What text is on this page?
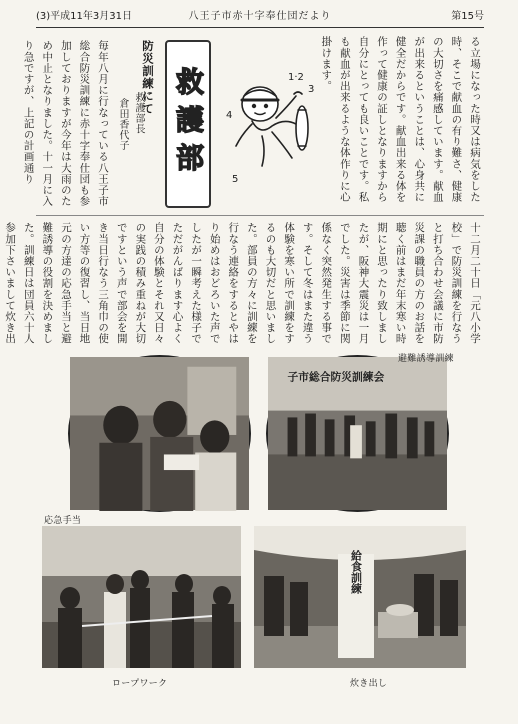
(3)平成11年3月31日	八王子市赤十字奉仕団だより	第15号
る立場になった時又は病気をした時、そこで献血の有り難さ、健康の大切さを痛感しています。献血が出来るということは、心身共に健全だからです。献血出来る体を作って健康の証しとなりますから自分にとっても良いことです。私も献血が出来るような体作りに心掛けます。
1·2
3
4
5
救護部
防災訓練にて

救護部長
倉田香代子

毎年八月に行なっている八王子市総合防災訓練に赤十字奉仕団も参加しておりますが今年は大雨のため中止となりました。十一月に入り急ですが、上記の計画通り
十二月二十日「元八小学校」で防災訓練を行なうと打ち合わせ会議に市防災課の職員の方のお話を聴く前はまだ年末寒い時期にと思ったり致しましたが、阪神大震災は一月でした。災害は季節に関係なく突然発生する事です。そして冬はまた違う体験を寒い所で訓練をするのも大切だと思いました。部員の方々に訓練を行なう連絡をするとやはり始めはおどろいた声でしたが一瞬考えた様子でただがんばります心よく自分の体験とそれ又日々の実践の積み重ねが大切ですという声で部会を開き当日行なう三角巾の使い方等の復習し、当日地元の方達の応急手当と避難誘導の役割を決めました。訓練日は団員六十人参加下さいまして炊き出
応急手当
子市総合防災訓練会
避難誘導訓練
ロープワーク
給食訓練
炊き出し
